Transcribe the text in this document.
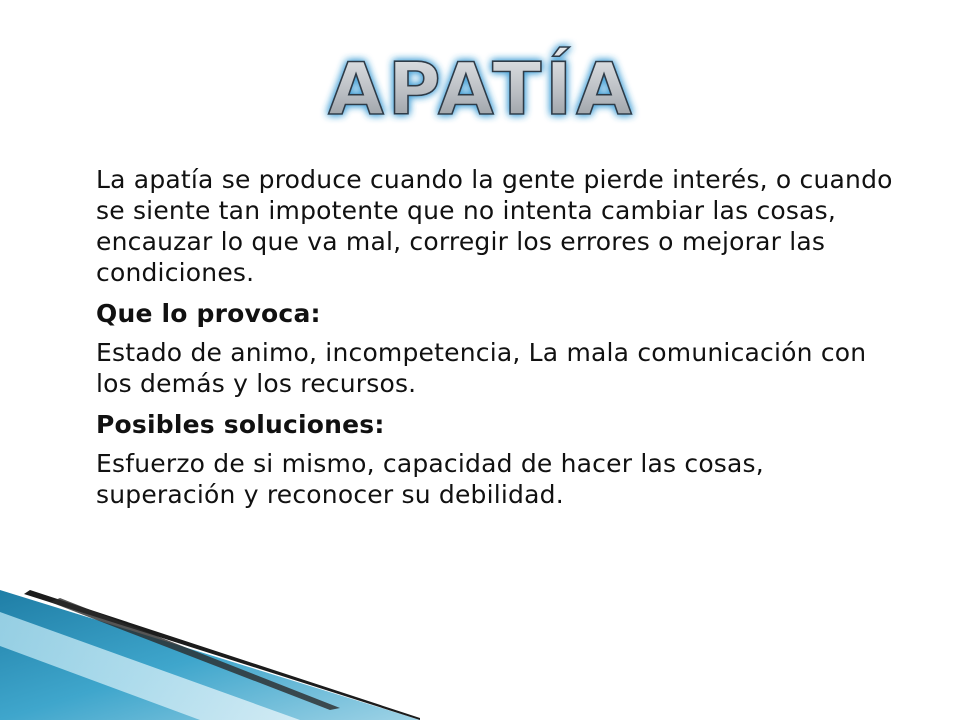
APATÍA

La apatía se produce cuando la gente pierde interés, o cuando se siente tan impotente que no intenta cambiar las cosas, encauzar lo que va mal, corregir los errores o mejorar las condiciones.

Que lo provoca:

Estado de animo, incompetencia, La mala comunicación con los demás y los recursos.

Posibles soluciones:

Esfuerzo de si mismo, capacidad de hacer las cosas, superación y reconocer su debilidad.
